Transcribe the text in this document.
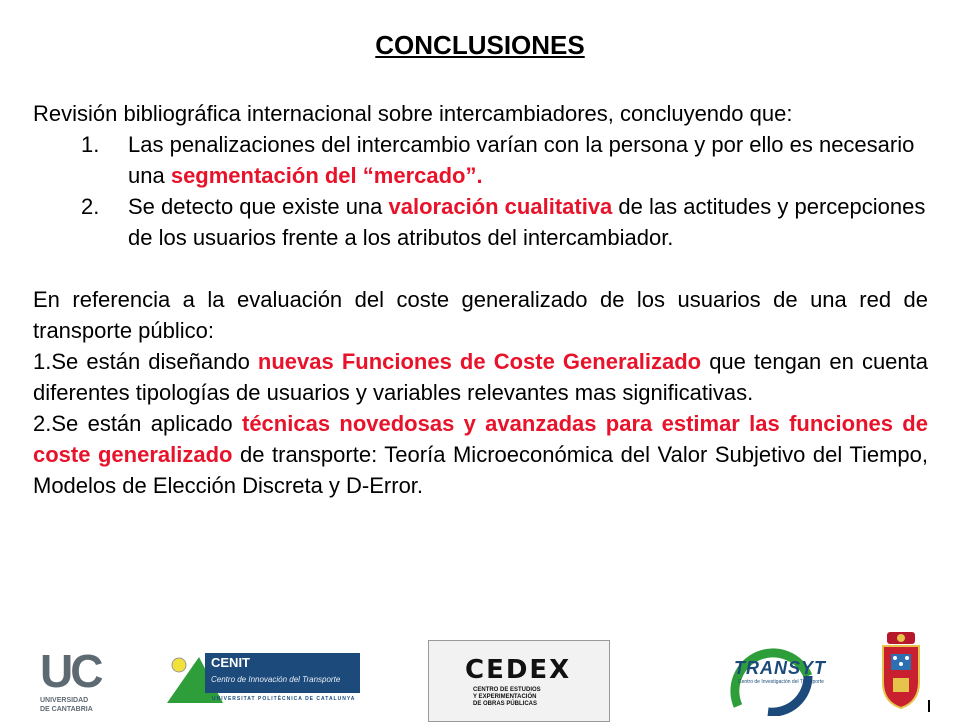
CONCLUSIONES

Revisión bibliográfica internacional sobre intercambiadores, concluyendo que:

1. Las penalizaciones del intercambio varían con la persona y por ello es necesario una segmentación del “mercado”.
2. Se detecto que existe una valoración cualitativa de las actitudes y percepciones de los usuarios frente a los atributos del intercambiador.

En referencia a la evaluación del coste generalizado de los usuarios de una red de transporte público:

1.Se están diseñando nuevas Funciones de Coste Generalizado que tengan en cuenta diferentes tipologías de usuarios y variables relevantes mas significativas.

2.Se están aplicado técnicas novedosas y avanzadas para estimar las funciones de coste generalizado de transporte: Teoría Microeconómica del Valor Subjetivo del Tiempo, Modelos de Elección Discreta y D-Error.

UC
UNIVERSIDAD
DE CANTABRIA
CENIT
Centro de Innovación del Transporte
UNIVERSITAT POLITÈCNICA DE CATALUNYA
CEDEX
CENTRO DE ESTUDIOS
Y EXPERIMENTACIÓN
DE OBRAS PÚBLICAS
TRANSYT
Centro de Investigación del Transporte
